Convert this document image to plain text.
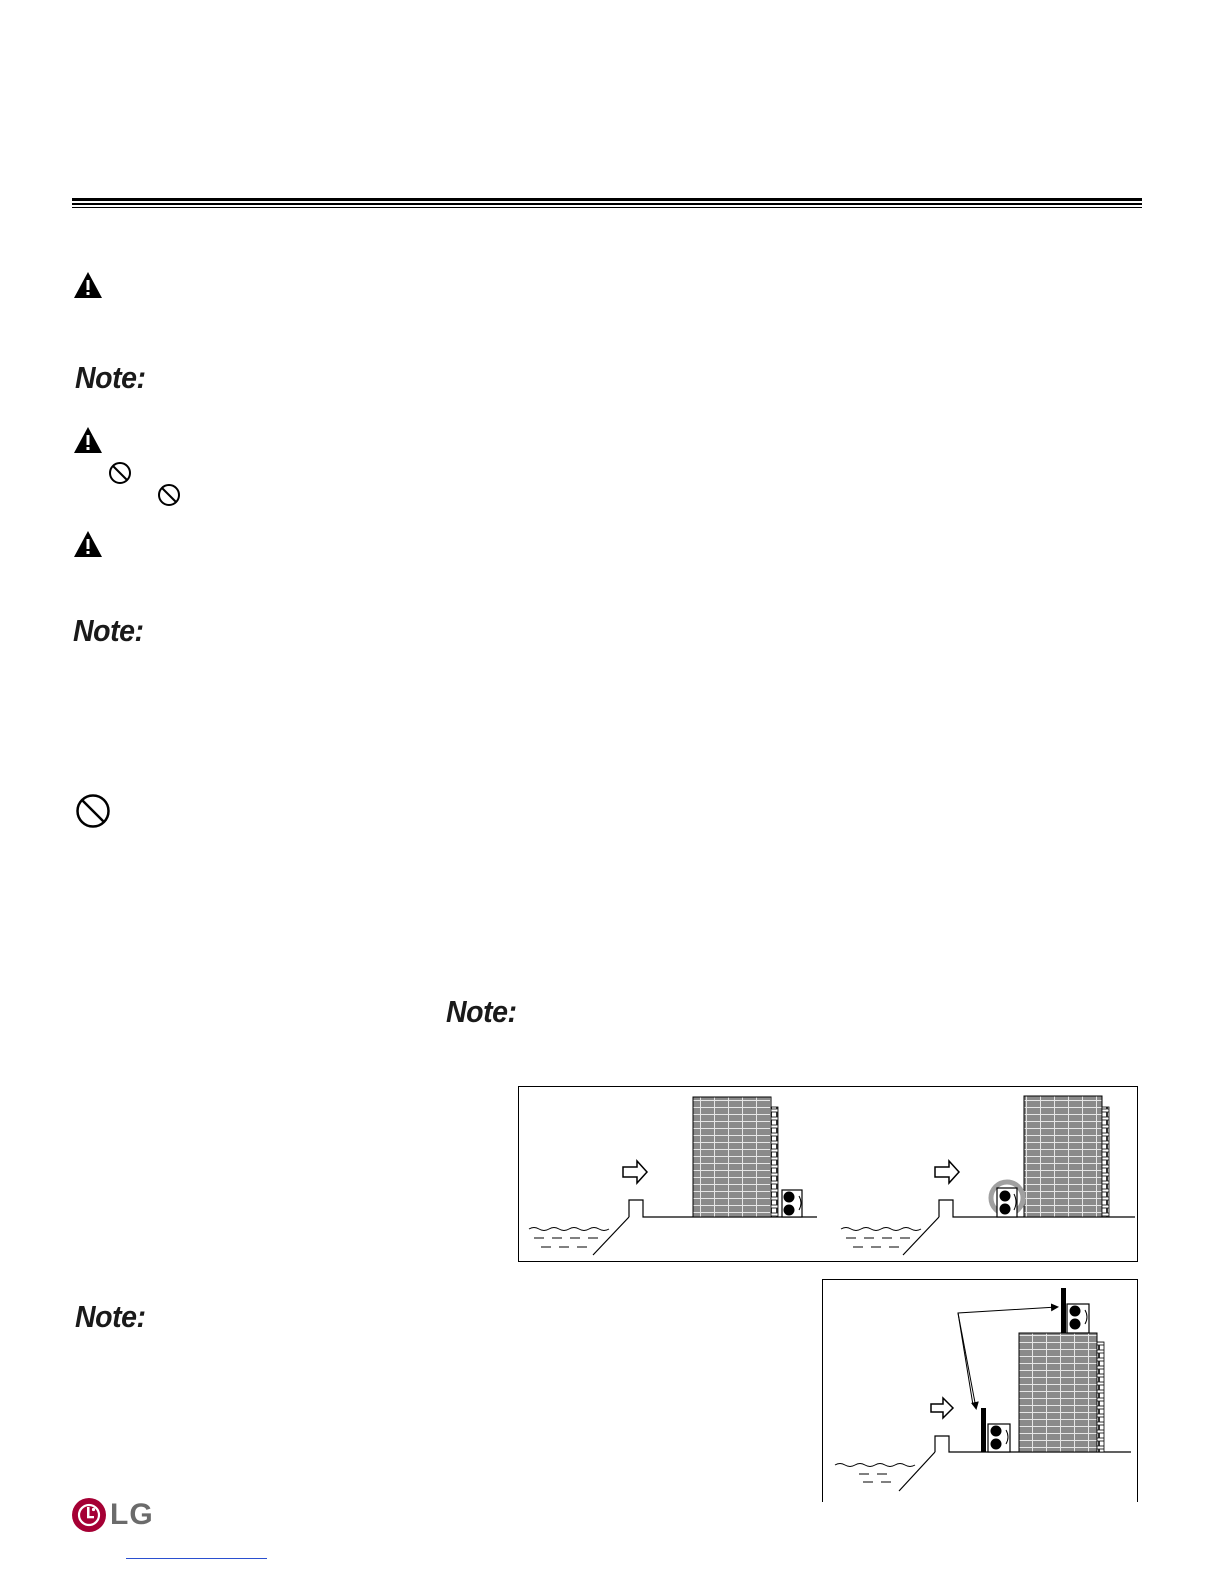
Note:
Note:
Note:
Note:
LG
